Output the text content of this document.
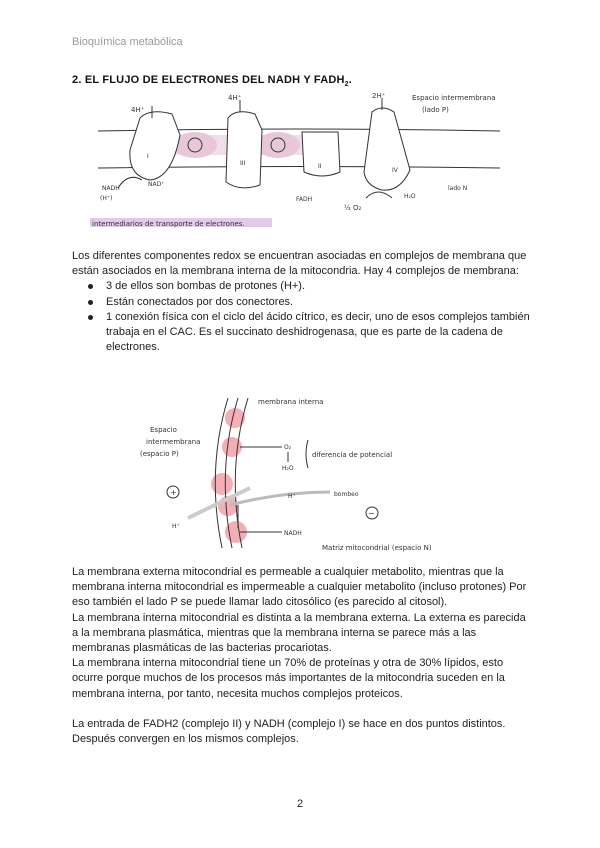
Bioquímica metabólica
2. EL FLUJO DE ELECTRONES DEL NADH Y $FADH_2$.
4H⁺
4H⁺	2H⁺	Espacio intermembrana
(lado P)
I
III	II
IV
NADH
(H⁺)
NAD⁺
FADH
½ O₂
H₂O
lado N
intermediarios de transporte de electrones.

Los diferentes componentes redox se encuentran asociadas en complejos de membrana que están asociados en la membrana interna de la mitocondria. Hay 4 complejos de membrana:

3 de ellos son bombas de protones (H+).
Están conectados por dos conectores.
1 conexión física con el ciclo del ácido cítrico, es decir, uno de esos complejos también trabaja en el CAC. Es el succinato deshidrogenasa, que es parte de la cadena de electrones.
membrana interna
Espacio
intermembrana
(espacio P)
O₂
H₂O
diferencia de potencial
H⁺
H⁺
bombeo
+
−
NADH
Matriz mitocondrial (espacio N)

La membrana externa mitocondrial es permeable a cualquier metabolito, mientras que la membrana interna mitocondrial es impermeable a cualquier metabolito (incluso protones) Por eso también el lado P se puede llamar lado citosólico (es parecido al citosol).

La membrana interna mitocondrial es distinta a la membrana externa. La externa es parecida a la membrana plasmática, mientras que la membrana interna se parece más a las membranas plasmáticas de las bacterias procariotas.

La membrana interna mitocondrial tiene un 70% de proteínas y otra de 30% lípidos, esto ocurre porque muchos de los procesos más importantes de la mitocondria suceden en la membrana interna, por tanto, necesita muchos complejos proteicos.

La entrada de FADH2 (complejo II) y NADH (complejo I) se hace en dos puntos distintos. Después convergen en los mismos complejos.

2
